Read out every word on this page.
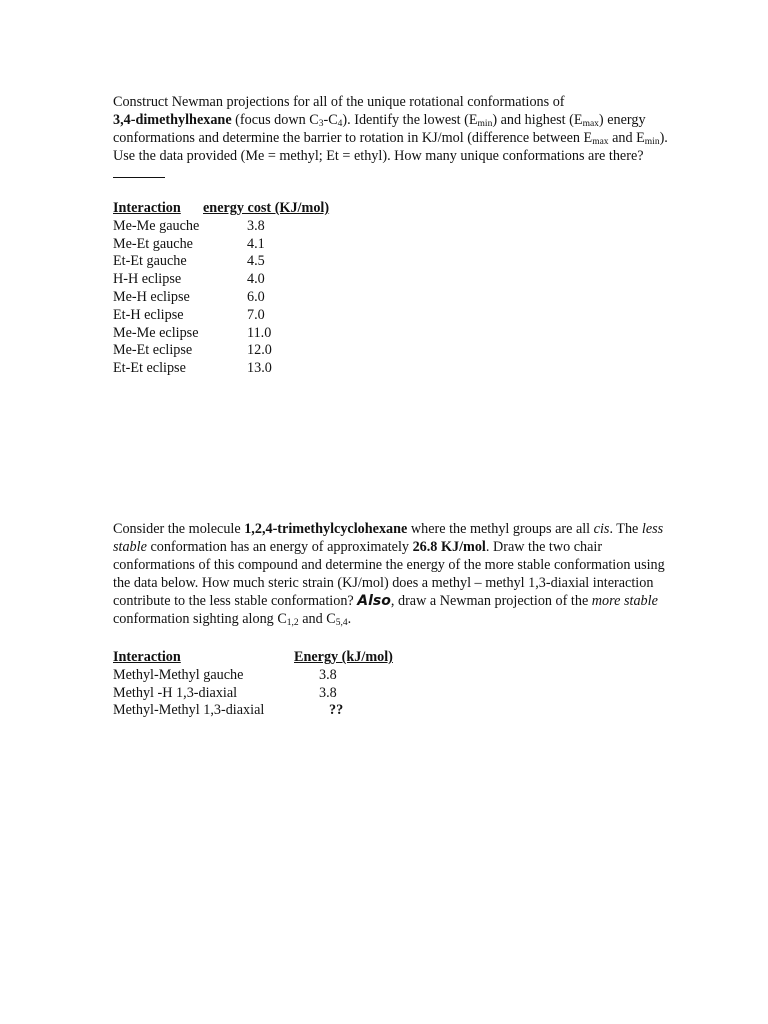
Construct Newman projections for all of the unique rotational conformations of
3,4-dimethylhexane (focus down $C_3-C_4$). Identify the lowest $(E_{min})$ and highest $(E_{max})$ energy conformations and determine the barrier to rotation in KJ/mol (difference between $E_{max}$ and $E_{min}$). Use the data provided (Me = methyl; Et = ethyl). How many unique conformations are there?

Interaction	energy cost (KJ/mol)
Me-Me gauche	3.8
Me-Et gauche	4.1
Et-Et gauche	4.5
H-H eclipse	4.0
Me-H eclipse	6.0
Et-H eclipse	7.0
Me-Me eclipse	11.0
Me-Et eclipse	12.0
Et-Et eclipse	13.0

Consider the molecule 1,2,4-trimethylcyclohexane where the methyl groups are all cis. The less stable conformation has an energy of approximately 26.8 KJ/mol. Draw the two chair conformations of this compound and determine the energy of the more stable conformation using the data below. How much steric strain (KJ/mol) does a methyl – methyl 1,3-diaxial interaction contribute to the less stable conformation? Also, draw a Newman projection of the more stable conformation sighting along $C_{1,2}$ and $C_{5,4}$.

Interaction	Energy (kJ/mol)
Methyl-Methyl gauche	3.8
Methyl -H 1,3-diaxial	3.8
Methyl-Methyl 1,3-diaxial	??
